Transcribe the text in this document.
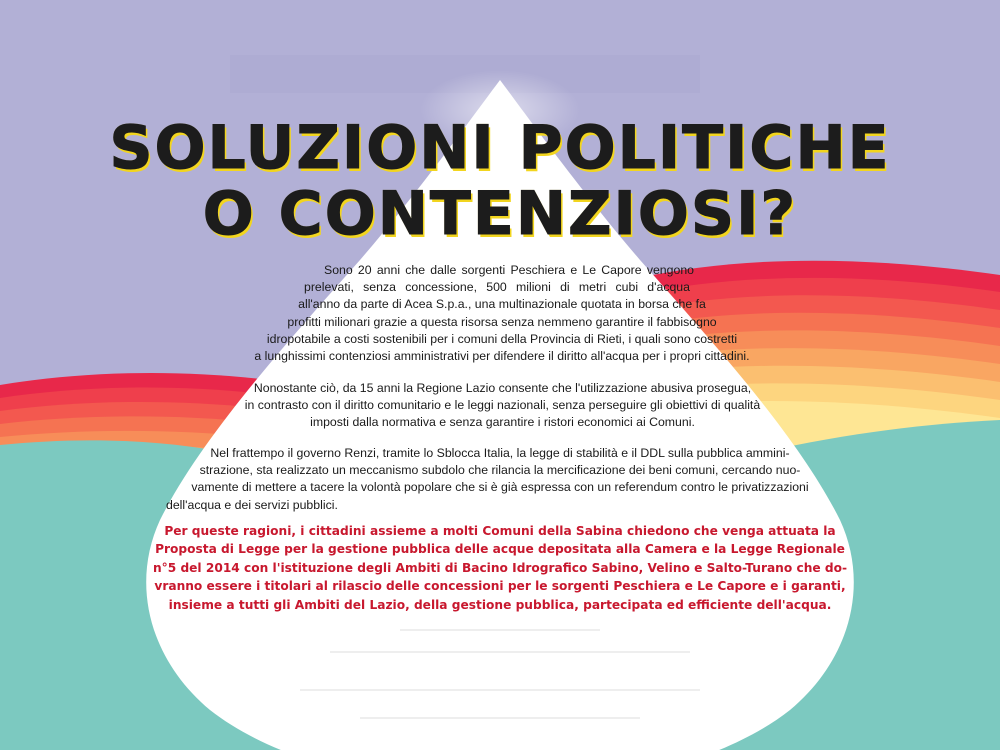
SOLUZIONI POLITICHE
O CONTENZIOSI?
Sono 20 anni che dalle sorgenti Peschiera e Le Capore vengono
prelevati, senza concessione, 500 milioni di metri cubi d'acqua
all'anno da parte di Acea S.p.a., una multinazionale quotata in borsa che fa
profitti milionari grazie a questa risorsa senza nemmeno garantire il fabbisogno
idropotabile a costi sostenibili per i comuni della Provincia di Rieti, i quali sono costretti
a lunghissimi contenziosi amministrativi per difendere il diritto all'acqua per i propri cittadini.
Nonostante ciò, da 15 anni la Regione Lazio consente che l'utilizzazione abusiva prosegua,
in contrasto con il diritto comunitario e le leggi nazionali, senza perseguire gli obiettivi di qualità
imposti dalla normativa e senza garantire i ristori economici ai Comuni.
Nel frattempo il governo Renzi, tramite lo Sblocca Italia, la legge di stabilità e il DDL sulla pubblica ammini-
strazione, sta realizzato un meccanismo subdolo che rilancia la mercificazione dei beni comuni, cercando nuo-
vamente di mettere a tacere la volontà popolare che si è già espressa con un referendum contro le privatizzazioni
dell'acqua e dei servizi pubblici.
Per queste ragioni, i cittadini assieme a molti Comuni della Sabina chiedono che venga attuata la
Proposta di Legge per la gestione pubblica delle acque depositata alla Camera e la Legge Regionale
n°5 del 2014 con l'istituzione degli Ambiti di Bacino Idrografico Sabino, Velino e Salto-Turano che do-
vranno essere i titolari al rilascio delle concessioni per le sorgenti Peschiera e Le Capore e i garanti,
insieme a tutti gli Ambiti del Lazio, della gestione pubblica, partecipata ed efficiente dell'acqua.
